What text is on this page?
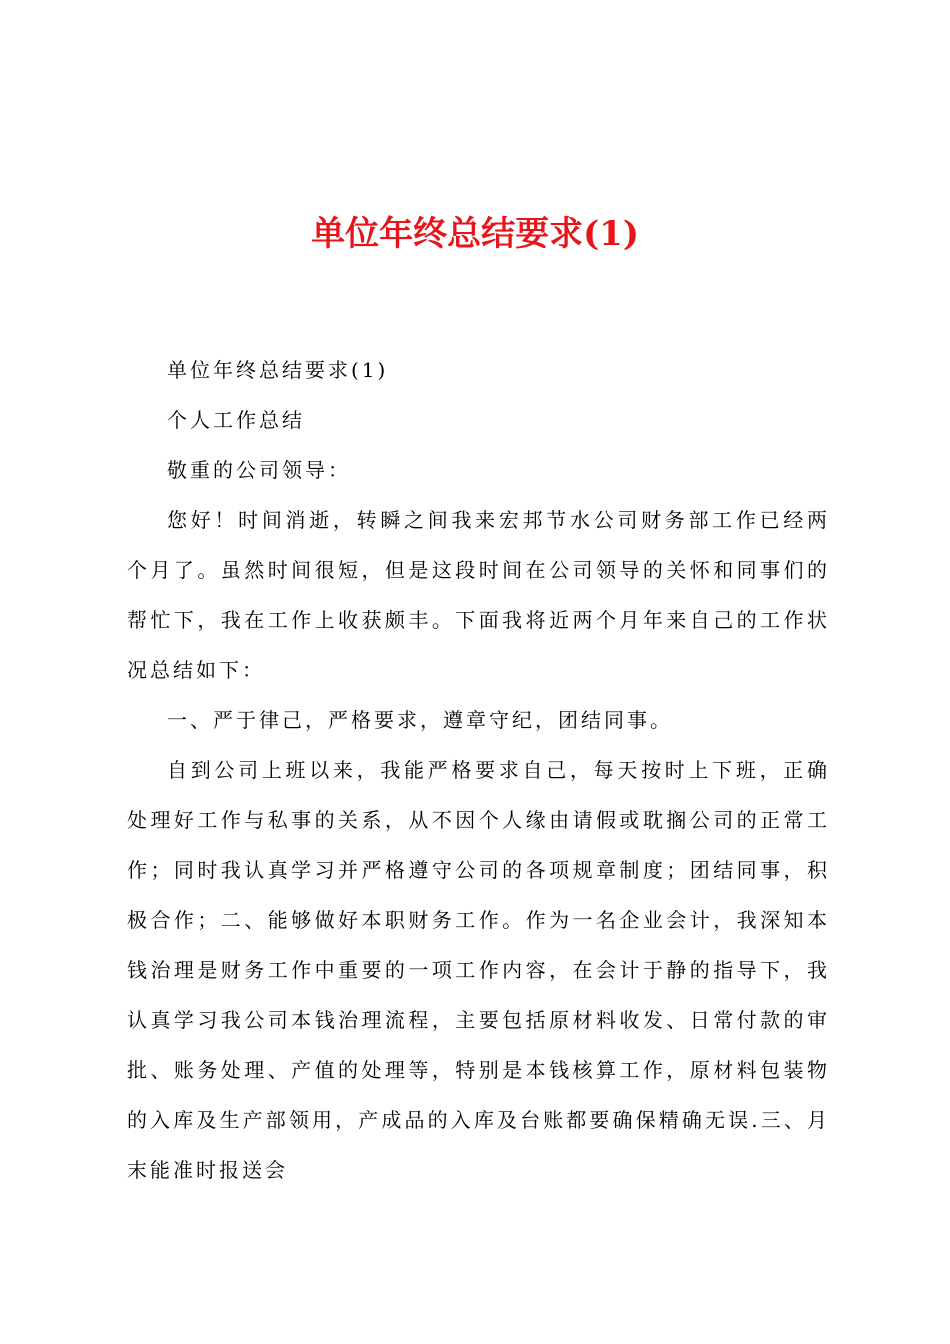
单位年终总结要求(1)

单位年终总结要求(1)

个人工作总结

敬重的公司领导：

您好！时间消逝，转瞬之间我来宏邦节水公司财务部工作已经两个月了。虽然时间很短，但是这段时间在公司领导的关怀和同事们的帮忙下，我在工作上收获颇丰。下面我将近两个月年来自己的工作状况总结如下：

一、严于律己，严格要求，遵章守纪，团结同事。

自到公司上班以来，我能严格要求自己，每天按时上下班，正确处理好工作与私事的关系，从不因个人缘由请假或耽搁公司的正常工作；同时我认真学习并严格遵守公司的各项规章制度；团结同事，积极合作；二、能够做好本职财务工作。作为一名企业会计，我深知本钱治理是财务工作中重要的一项工作内容，在会计于静的指导下，我认真学习我公司本钱治理流程，主要包括原材料收发、日常付款的审批、账务处理、产值的处理等，特别是本钱核算工作，原材料包装物的入库及生产部领用，产成品的入库及台账都要确保精确无误.三、月末能准时报送会
